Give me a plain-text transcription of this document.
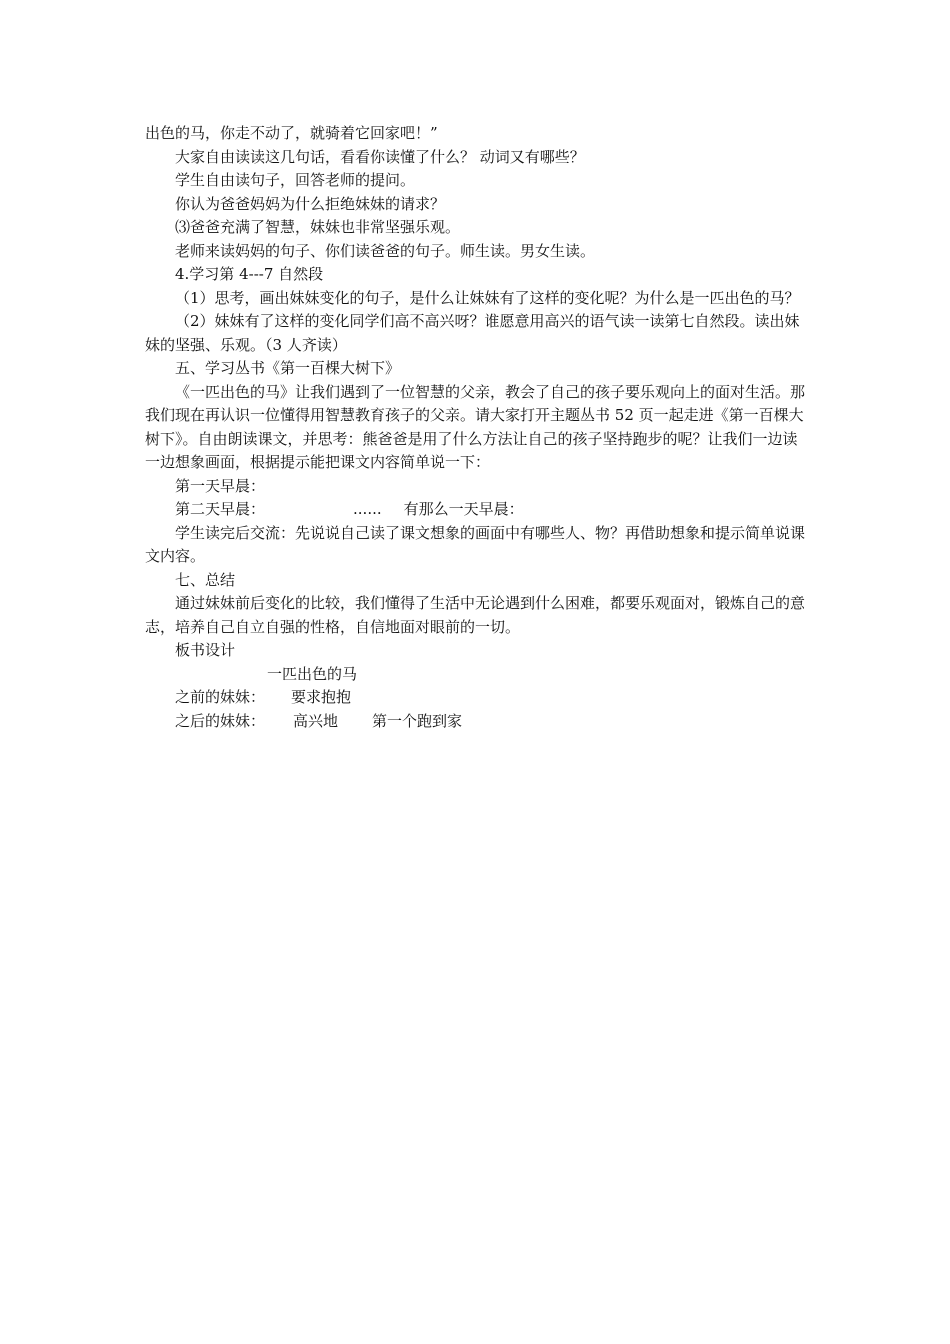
出色的马，你走不动了，就骑着它回家吧！”

大家自由读读这几句话，看看你读懂了什么？ 动词又有哪些？

学生自由读句子，回答老师的提问。

你认为爸爸妈妈为什么拒绝妹妹的请求？

⑶爸爸充满了智慧，妹妹也非常坚强乐观。

老师来读妈妈的句子、你们读爸爸的句子。师生读。男女生读。

4.学习第 4---7 自然段

（1）思考，画出妹妹变化的句子，是什么让妹妹有了这样的变化呢？为什么是一匹出色的马？

（2）妹妹有了这样的变化同学们高不高兴呀？谁愿意用高兴的语气读一读第七自然段。读出妹妹的坚强、乐观。（3 人齐读）

五、学习丛书《第一百棵大树下》

《一匹出色的马》让我们遇到了一位智慧的父亲，教会了自己的孩子要乐观向上的面对生活。那我们现在再认识一位懂得用智慧教育孩子的父亲。请大家打开主题丛书 52 页一起走进《第一百棵大树下》。自由朗读课文，并思考：熊爸爸是用了什么方法让自己的孩子坚持跑步的呢？让我们一边读一边想象画面，根据提示能把课文内容简单说一下：

第一天早晨：

第二天早晨：	...... 有那么一天早晨：

学生读完后交流：先说说自己读了课文想象的画面中有哪些人、物？再借助想象和提示简单说课文内容。

七、总结

通过妹妹前后变化的比较，我们懂得了生活中无论遇到什么困难，都要乐观面对，锻炼自己的意志，培养自己自立自强的性格，自信地面对眼前的一切。

板书设计

一匹出色的马

之前的妹妹： 要求抱抱

之后的妹妹： 高兴地 第一个跑到家
